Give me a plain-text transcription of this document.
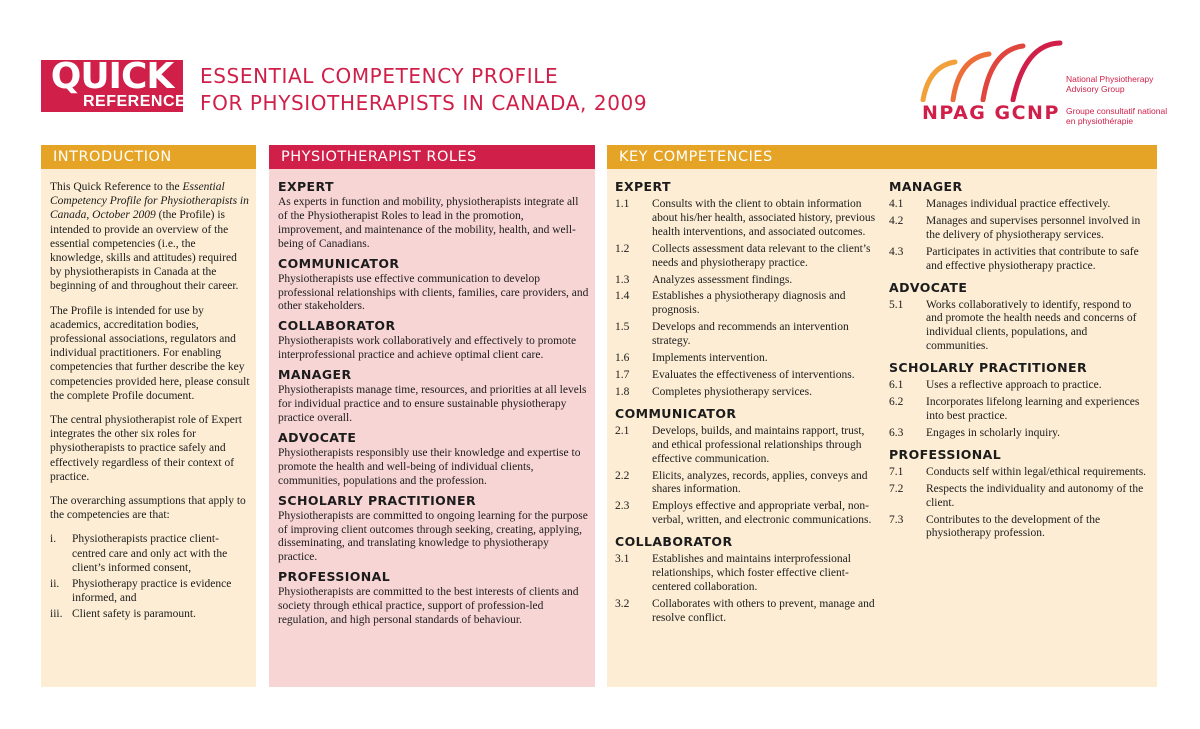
QUICK
REFERENCE
ESSENTIAL COMPETENCY PROFILE
FOR PHYSIOTHERAPISTS IN CANADA, 2009	NPAG GCNP
National Physiotherapy
Advisory Group
Groupe consultatif national
en physiothérapie
INTRODUCTION

This Quick Reference to the Essential Competency Profile for Physiotherapists in Canada, October 2009 (the Profile) is intended to provide an overview of the essential competencies (i.e., the knowledge, skills and attitudes) required by physiotherapists in Canada at the beginning of and throughout their career.

The Profile is intended for use by academics, accreditation bodies, professional associations, regulators and individual practitioners. For enabling competencies that further describe the key competencies provided here, please consult the complete Profile document.

The central physiotherapist role of Expert integrates the other six roles for physiotherapists to practice safely and effectively regardless of their context of practice.

The overarching assumptions that apply to the competencies are that:

i. Physiotherapists practice client-centred care and only act with the client’s informed consent,
ii. Physiotherapy practice is evidence informed, and
iii. Client safety is paramount.
PHYSIOTHERAPIST ROLES
EXPERT

As experts in function and mobility, physiotherapists integrate all of the Physiotherapist Roles to lead in the promotion, improvement, and maintenance of the mobility, health, and well-being of Canadians.

COMMUNICATOR

Physiotherapists use effective communication to develop professional relationships with clients, families, care providers, and other stakeholders.

COLLABORATOR

Physiotherapists work collaboratively and effectively to promote interprofessional practice and achieve optimal client care.

MANAGER

Physiotherapists manage time, resources, and priorities at all levels for individual practice and to ensure sustainable physiotherapy practice overall.

ADVOCATE

Physiotherapists responsibly use their knowledge and expertise to promote the health and well-being of individual clients, communities, populations and the profession.

SCHOLARLY PRACTITIONER

Physiotherapists are committed to ongoing learning for the purpose of improving client outcomes through seeking, creating, applying, disseminating, and translating knowledge to physiotherapy practice.

PROFESSIONAL

Physiotherapists are committed to the best interests of clients and society through ethical practice, support of profession-led regulation, and high personal standards of behaviour.

KEY COMPETENCIES
EXPERT
1.1 Consults with the client to obtain information about his/her health, associated history, previous health interventions, and associated outcomes.
1.2 Collects assessment data relevant to the client’s needs and physiotherapy practice.
1.3 Analyzes assessment findings.
1.4 Establishes a physiotherapy diagnosis and prognosis.
1.5 Develops and recommends an intervention strategy.
1.6 Implements intervention.
1.7 Evaluates the effectiveness of interventions.
1.8 Completes physiotherapy services.
COMMUNICATOR
2.1 Develops, builds, and maintains rapport, trust, and ethical professional relationships through effective communication.
2.2 Elicits, analyzes, records, applies, conveys and shares information.
2.3 Employs effective and appropriate verbal, non-verbal, written, and electronic communications.
COLLABORATOR
3.1 Establishes and maintains interprofessional relationships, which foster effective client-centered collaboration.
3.2 Collaborates with others to prevent, manage and resolve conflict.
MANAGER
4.1 Manages individual practice effectively.
4.2 Manages and supervises personnel involved in the delivery of physiotherapy services.
4.3 Participates in activities that contribute to safe and effective physiotherapy practice.
ADVOCATE
5.1 Works collaboratively to identify, respond to and promote the health needs and concerns of individual clients, populations, and communities.
SCHOLARLY PRACTITIONER
6.1 Uses a reflective approach to practice.
6.2 Incorporates lifelong learning and experiences into best practice.
6.3 Engages in scholarly inquiry.
PROFESSIONAL
7.1 Conducts self within legal/ethical requirements.
7.2 Respects the individuality and autonomy of the client.
7.3 Contributes to the development of the physiotherapy profession.
